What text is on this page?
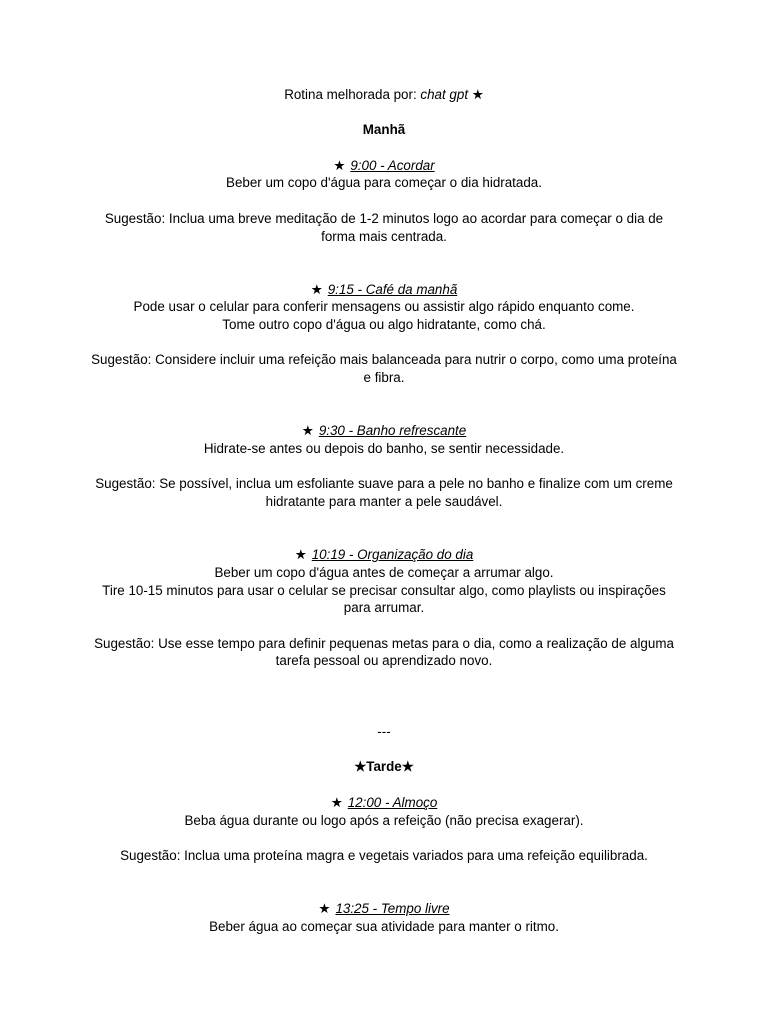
Rotina melhorada por: chat gpt ★

Manhã

★ 9:00 - Acordar

Beber um copo d'água para começar o dia hidratada.

Sugestão: Inclua uma breve meditação de 1-2 minutos logo ao acordar para começar o dia de forma mais centrada.

★ 9:15 - Café da manhã

Pode usar o celular para conferir mensagens ou assistir algo rápido enquanto come.

Tome outro copo d'água ou algo hidratante, como chá.

Sugestão: Considere incluir uma refeição mais balanceada para nutrir o corpo, como uma proteína e fibra.

★ 9:30 - Banho refrescante

Hidrate-se antes ou depois do banho, se sentir necessidade.

Sugestão: Se possível, inclua um esfoliante suave para a pele no banho e finalize com um creme hidratante para manter a pele saudável.

★ 10:19 - Organização do dia

Beber um copo d'água antes de começar a arrumar algo.

Tire 10-15 minutos para usar o celular se precisar consultar algo, como playlists ou inspirações para arrumar.

Sugestão: Use esse tempo para definir pequenas metas para o dia, como a realização de alguma tarefa pessoal ou aprendizado novo.

---

★Tarde★

★ 12:00 - Almoço

Beba água durante ou logo após a refeição (não precisa exagerar).

Sugestão: Inclua uma proteína magra e vegetais variados para uma refeição equilibrada.

★ 13:25 - Tempo livre

Beber água ao começar sua atividade para manter o ritmo.
